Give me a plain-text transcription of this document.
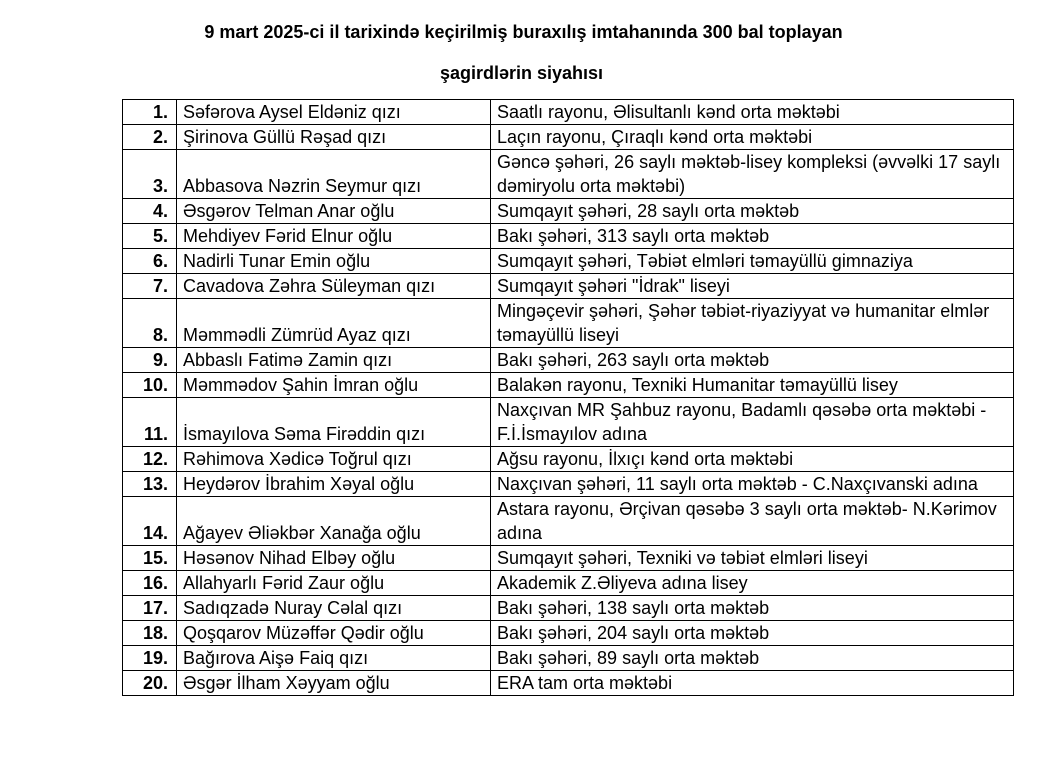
9 mart 2025-ci il tarixində keçirilmiş buraxılış imtahanında 300 bal toplayan
şagirdlərin siyahısı
1.	Səfərova Aysel Eldəniz qızı	Saatlı rayonu, Əlisultanlı kənd orta məktəbi
2.	Şirinova Güllü Rəşad qızı	Laçın rayonu, Çıraqlı kənd orta məktəbi
3.	Abbasova Nəzrin Seymur qızı	Gəncə şəhəri, 26 saylı məktəb-lisey kompleksi (əvvəlki 17 saylı dəmiryolu orta məktəbi)
4.	Əsgərov Telman Anar oğlu	Sumqayıt şəhəri, 28 saylı orta məktəb
5.	Mehdiyev Fərid Elnur oğlu	Bakı şəhəri, 313 saylı orta məktəb
6.	Nadirli Tunar Emin oğlu	Sumqayıt şəhəri, Təbiət elmləri təmayüllü gimnaziya
7.	Cavadova Zəhra Süleyman qızı	Sumqayıt şəhəri "İdrak" liseyi
8.	Məmmədli Zümrüd Ayaz qızı	Mingəçevir şəhəri, Şəhər təbiət-riyaziyyat və humanitar elmlər təmayüllü liseyi
9.	Abbaslı Fatimə Zamin qızı	Bakı şəhəri, 263 saylı orta məktəb
10.	Məmmədov Şahin İmran oğlu	Balakən rayonu, Texniki Humanitar təmayüllü lisey
11.	İsmayılova Səma Firəddin qızı	Naxçıvan MR Şahbuz rayonu, Badamlı qəsəbə orta məktəbi - F.İ.İsmayılov adına
12.	Rəhimova Xədicə Toğrul qızı	Ağsu rayonu, İlxıçı kənd orta məktəbi
13.	Heydərov İbrahim Xəyal oğlu	Naxçıvan şəhəri, 11 saylı orta məktəb - C.Naxçıvanski adına
14.	Ağayev Əliəkbər Xanağa oğlu	Astara rayonu, Ərçivan qəsəbə 3 saylı orta məktəb- N.Kərimov adına
15.	Həsənov Nihad Elbəy oğlu	Sumqayıt şəhəri, Texniki və təbiət elmləri liseyi
16.	Allahyarlı Fərid Zaur oğlu	Akademik Z.Əliyeva adına lisey
17.	Sadıqzadə Nuray Cəlal qızı	Bakı şəhəri, 138 saylı orta məktəb
18.	Qoşqarov Müzəffər Qədir oğlu	Bakı şəhəri, 204 saylı orta məktəb
19.	Bağırova Aişə Faiq qızı	Bakı şəhəri, 89 saylı orta məktəb
20.	Əsgər İlham Xəyyam oğlu	ERA tam orta məktəbi
